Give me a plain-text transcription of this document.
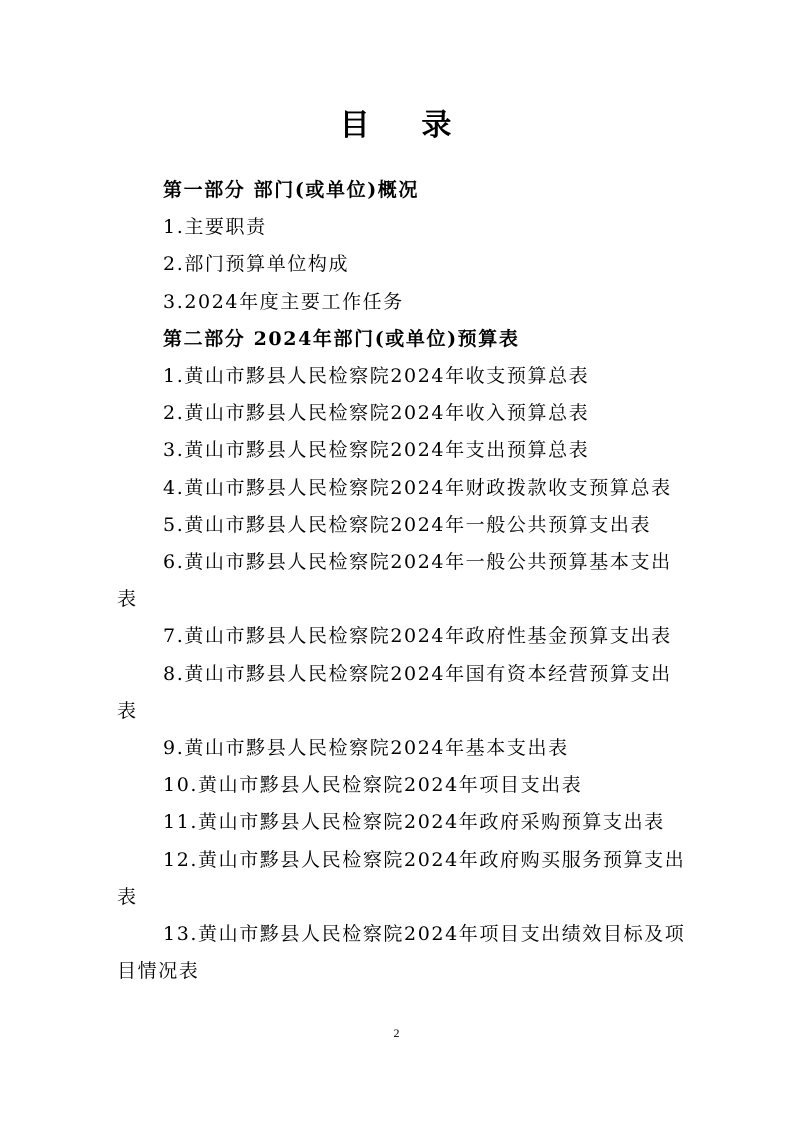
目    录
第一部分 部门(或单位)概况
1.主要职责
2.部门预算单位构成
3.2024年度主要工作任务
第二部分 2024年部门(或单位)预算表
1.黄山市黟县人民检察院2024年收支预算总表
2.黄山市黟县人民检察院2024年收入预算总表
3.黄山市黟县人民检察院2024年支出预算总表
4.黄山市黟县人民检察院2024年财政拨款收支预算总表
5.黄山市黟县人民检察院2024年一般公共预算支出表
6.黄山市黟县人民检察院2024年一般公共预算基本支出
表
7.黄山市黟县人民检察院2024年政府性基金预算支出表
8.黄山市黟县人民检察院2024年国有资本经营预算支出
表
9.黄山市黟县人民检察院2024年基本支出表
10.黄山市黟县人民检察院2024年项目支出表
11.黄山市黟县人民检察院2024年政府采购预算支出表
12.黄山市黟县人民检察院2024年政府购买服务预算支出
表
13.黄山市黟县人民检察院2024年项目支出绩效目标及项
目情况表
2
